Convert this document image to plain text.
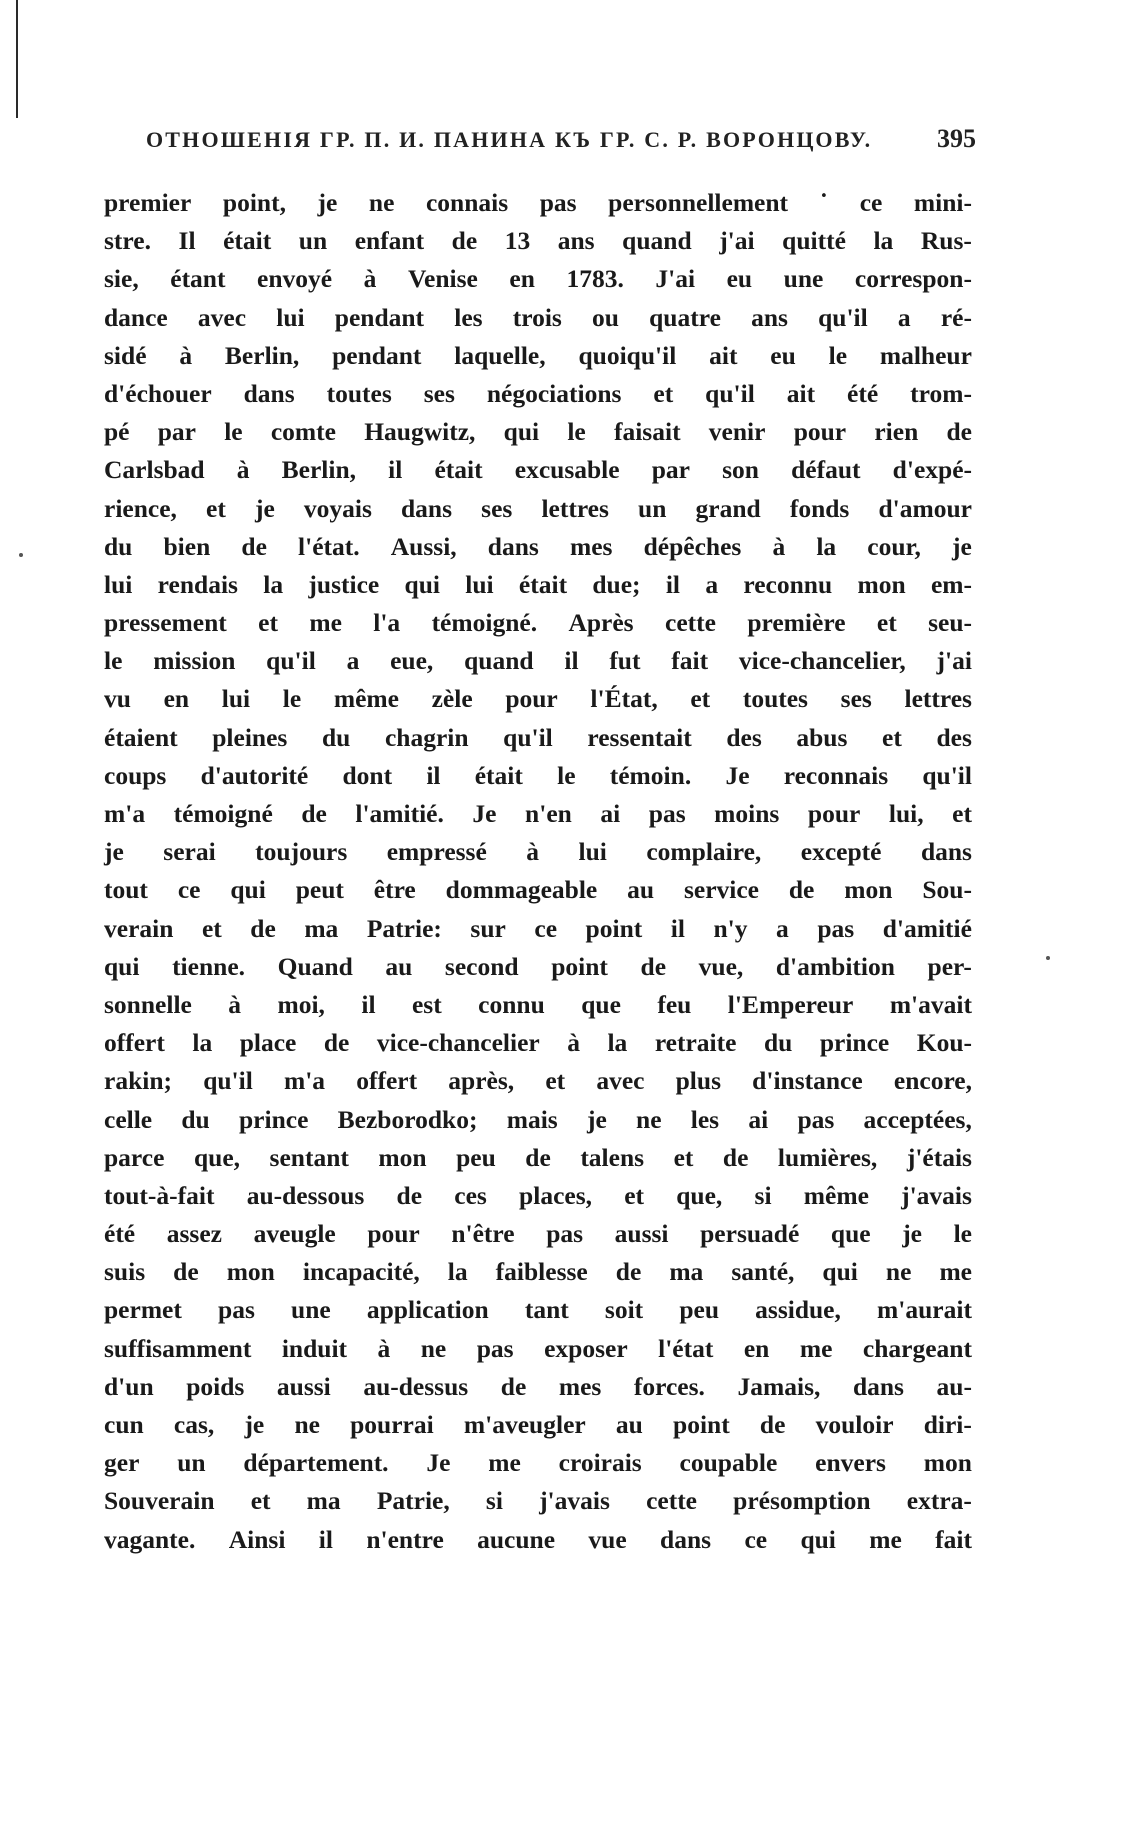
ОТНОШЕНІЯ ГР. П. И. ПАНИНА КЪ ГР. С. Р. ВОРОНЦОВУ. 395
premier point, je ne connais pas personnellement ˙ ce mini-
stre. Il était un enfant de 13 ans quand j'ai quitté la Rus-
sie, étant envoyé à Venise en 1783. J'ai eu une correspon-
dance avec lui pendant les trois ou quatre ans qu'il a ré-
sidé à Berlin, pendant laquelle, quoiqu'il ait eu le malheur
d'échouer dans toutes ses négociations et qu'il ait été trom-
pé par le comte Haugwitz, qui le faisait venir pour rien de
Carlsbad à Berlin, il était excusable par son défaut d'expé-
rience, et je voyais dans ses lettres un grand fonds d'amour
du bien de l'état. Aussi, dans mes dépêches à la cour, je
lui rendais la justice qui lui était due; il a reconnu mon em-
pressement et me l'a témoigné. Après cette première et seu-
le mission qu'il a eue, quand il fut fait vice-chancelier, j'ai
vu en lui le même zèle pour l'État, et toutes ses lettres
étaient pleines du chagrin qu'il ressentait des abus et des
coups d'autorité dont il était le témoin. Je reconnais qu'il
m'a témoigné de l'amitié. Je n'en ai pas moins pour lui, et
je serai toujours empressé à lui complaire, excepté dans
tout ce qui peut être dommageable au service de mon Sou-
verain et de ma Patrie: sur ce point il n'y a pas d'amitié
qui tienne. Quand au second point de vue, d'ambition per-
sonnelle à moi, il est connu que feu l'Empereur m'avait
offert la place de vice-chancelier à la retraite du prince Kou-
rakin; qu'il m'a offert après, et avec plus d'instance encore,
celle du prince Bezborodko; mais je ne les ai pas acceptées,
parce que, sentant mon peu de talens et de lumières, j'étais
tout-à-fait au-dessous de ces places, et que, si même j'avais
été assez aveugle pour n'être pas aussi persuadé que je le
suis de mon incapacité, la faiblesse de ma santé, qui ne me
permet pas une application tant soit peu assidue, m'aurait
suffisamment induit à ne pas exposer l'état en me chargeant
d'un poids aussi au-dessus de mes forces. Jamais, dans au-
cun cas, je ne pourrai m'aveugler au point de vouloir diri-
ger un département. Je me croirais coupable envers mon
Souverain et ma Patrie, si j'avais cette présomption extra-
vagante. Ainsi il n'entre aucune vue dans ce qui me fait
